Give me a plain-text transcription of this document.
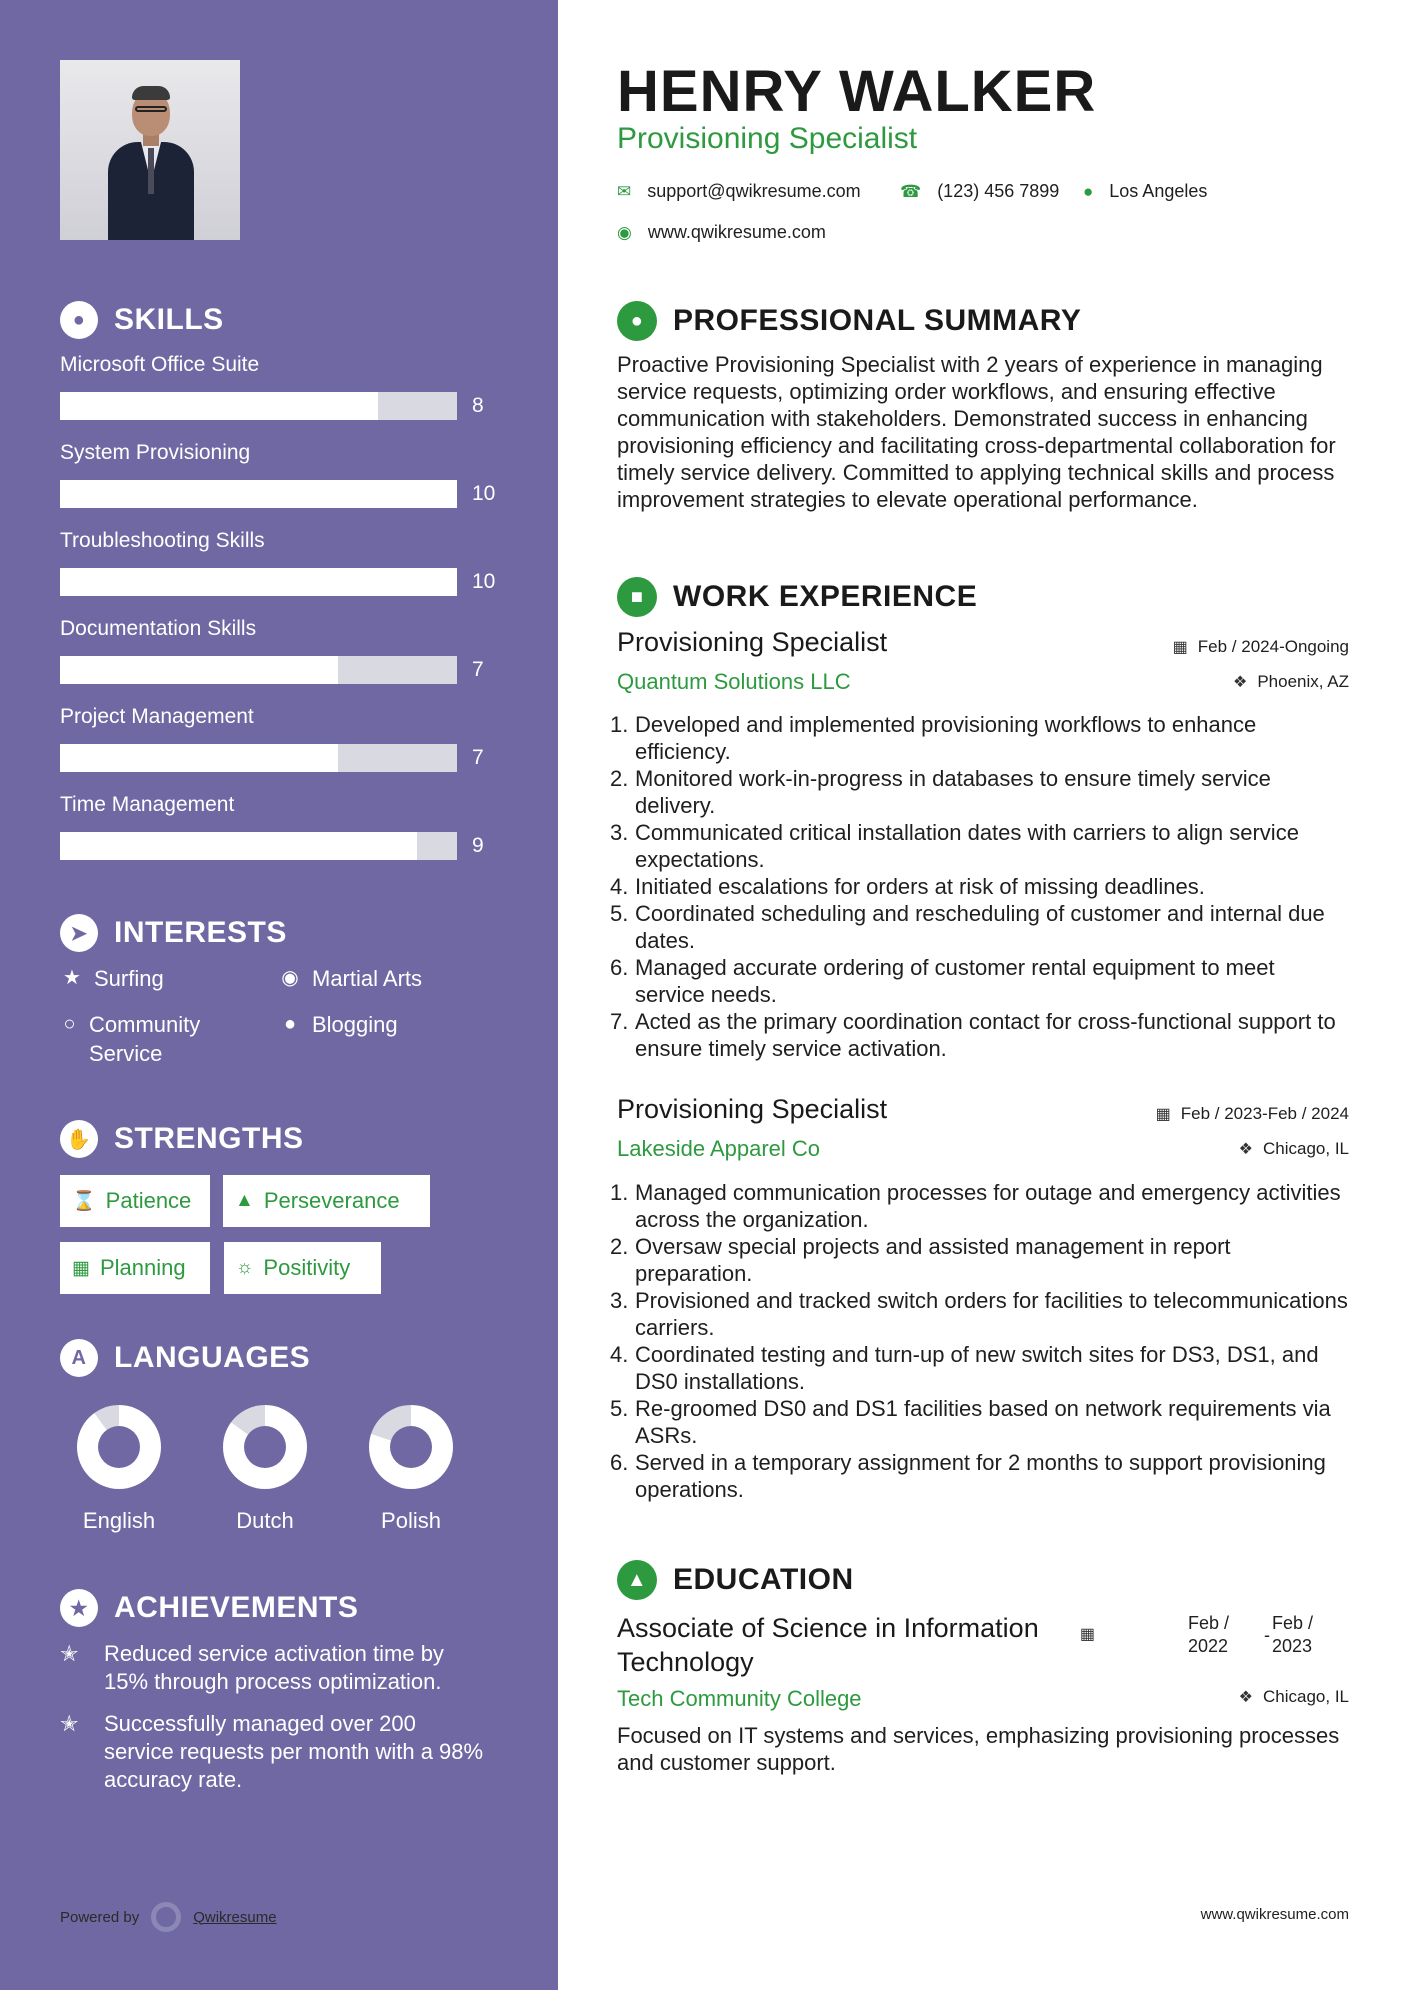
● SKILLS
Microsoft Office Suite
8
System Provisioning
10
Troubleshooting Skills
10
Documentation Skills
7
Project Management
7
Time Management
9
➤ INTERESTS
★ Surfing	◉ Martial Arts
○ Community Service
● Blogging
✋ STRENGTHS
⌛ Patience ▲ Perseverance
▦ Planning	☼ Positivity
A LANGUAGES
English	Dutch	Polish
★ ACHIEVEMENTS
✭	Reduced service activation time by 15% through process optimization.
✭	Successfully managed over 200 service requests per month with a 98% accuracy rate.
Powered by	Qwikresume
HENRY WALKER
Provisioning Specialist
✉ support@qwikresume.com ☎ (123) 456 7899 ● Los Angeles
◉ www.qwikresume.com
● PROFESSIONAL SUMMARY
Proactive Provisioning Specialist with 2 years of experience in managing service requests, optimizing order workflows, and ensuring effective communication with stakeholders. Demonstrated success in enhancing provisioning efficiency and facilitating cross-departmental collaboration for timely service delivery. Committed to applying technical skills and process improvement strategies to elevate operational performance.
■ WORK EXPERIENCE
Provisioning Specialist
Quantum Solutions LLC
▦ Feb / 2024-Ongoing
❖ Phoenix, AZ
1. Developed and implemented provisioning workflows to enhance efficiency.
2. Monitored work-in-progress in databases to ensure timely service delivery.
3. Communicated critical installation dates with carriers to align service expectations.
4. Initiated escalations for orders at risk of missing deadlines.
5. Coordinated scheduling and rescheduling of customer and internal due dates.
6. Managed accurate ordering of customer rental equipment to meet service needs.
7. Acted as the primary coordination contact for cross-functional support to ensure timely service activation.
Provisioning Specialist
Lakeside Apparel Co
▦ Feb / 2023-Feb / 2024
❖ Chicago, IL
1. Managed communication processes for outage and emergency activities across the organization.
2. Oversaw special projects and assisted management in report preparation.
3. Provisioned and tracked switch orders for facilities to telecommunications carriers.
4. Coordinated testing and turn-up of new switch sites for DS3, DS1, and DS0 installations.
5. Re-groomed DS0 and DS1 facilities based on network requirements via ASRs.
6. Served in a temporary assignment for 2 months to support provisioning operations.
▲ EDUCATION
Associate of Science in Information
Technology
Tech Community College
▦
Feb /
2022
-
Feb /
2023
❖ Chicago, IL
Focused on IT systems and services, emphasizing provisioning processes and customer support.
www.qwikresume.com
